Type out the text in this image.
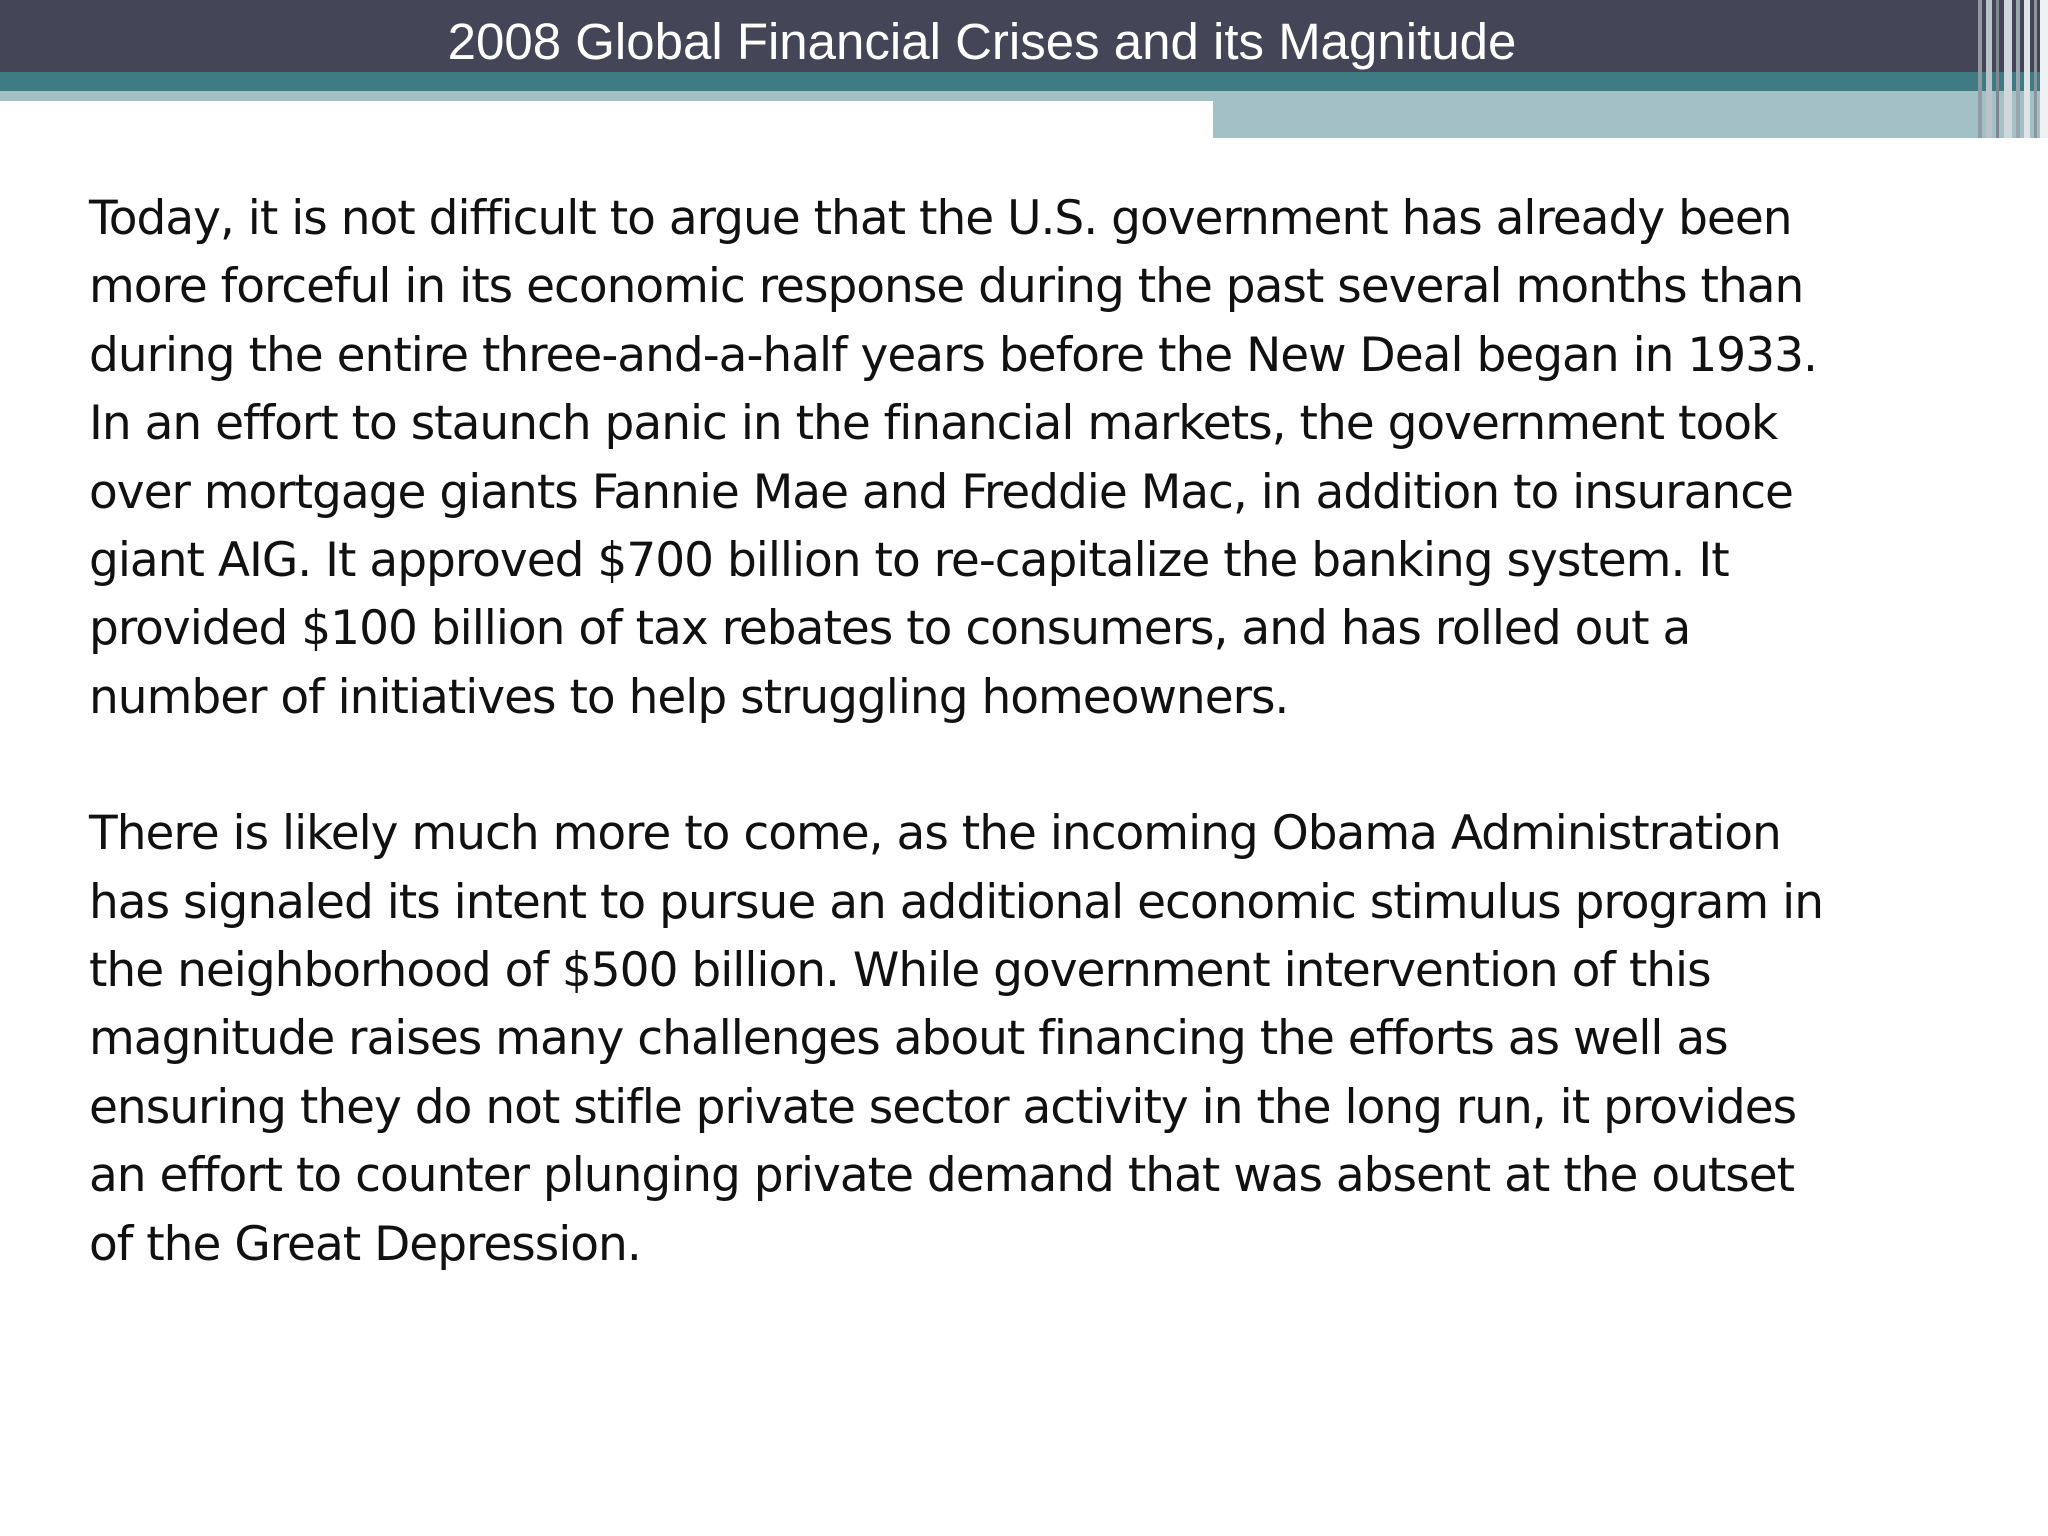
2008 Global Financial Crises and its Magnitude
Today, it is not difficult to argue that the U.S. government has already been
more forceful in its economic response during the past several months than
during the entire three-and-a-half years before the New Deal began in 1933.
In an effort to staunch panic in the financial markets, the government took
over mortgage giants Fannie Mae and Freddie Mac, in addition to insurance
giant AIG. It approved $700 billion to re-capitalize the banking system. It
provided $100 billion of tax rebates to consumers, and has rolled out a
number of initiatives to help struggling homeowners.
There is likely much more to come, as the incoming Obama Administration
has signaled its intent to pursue an additional economic stimulus program in
the neighborhood of $500 billion. While government intervention of this
magnitude raises many challenges about financing the efforts as well as
ensuring they do not stifle private sector activity in the long run, it provides
an effort to counter plunging private demand that was absent at the outset
of the Great Depression.
